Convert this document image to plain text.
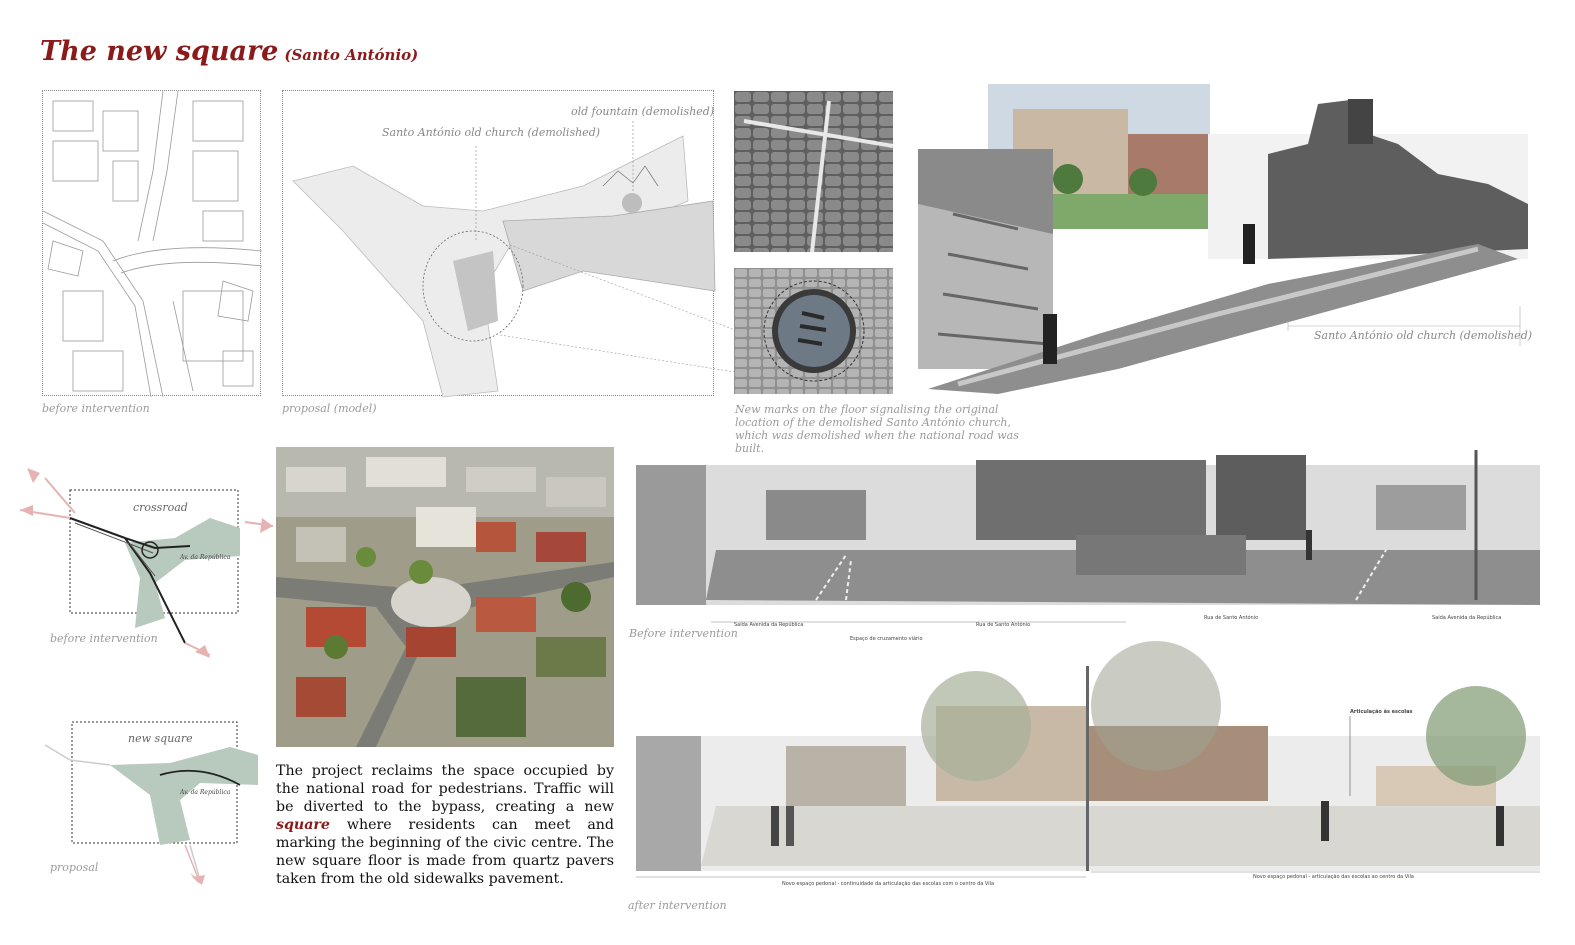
The new square (Santo António)
before intervention
old fountain (demolished)
Santo António old church (demolished)
proposal (model)	New marks on the floor signalising the original location of the demolished Santo António church, which was demolished when the national road was built.
Santo António old church (demolished)
crossroad
Av. da República
before intervention
new square
Av. da República
proposal
The project reclaims the space occupied by the national road for pedestrians. Traffic will be diverted to the bypass, creating a new square where residents can meet and marking the beginning of the civic centre. The new square floor is made from quartz pavers taken from the old sidewalks pavement.
Saída Avenida da República	Rua de Santo António
Rua de Santo António	Saída Avenida da República
Espaço de cruzamento viário
Before intervention
Articulação às escolas
Novo espaço pedonal - articulação das escolas ao centro da Vila
Novo espaço pedonal - continuidade da articulação das escolas com o centro da Vila
after intervention
